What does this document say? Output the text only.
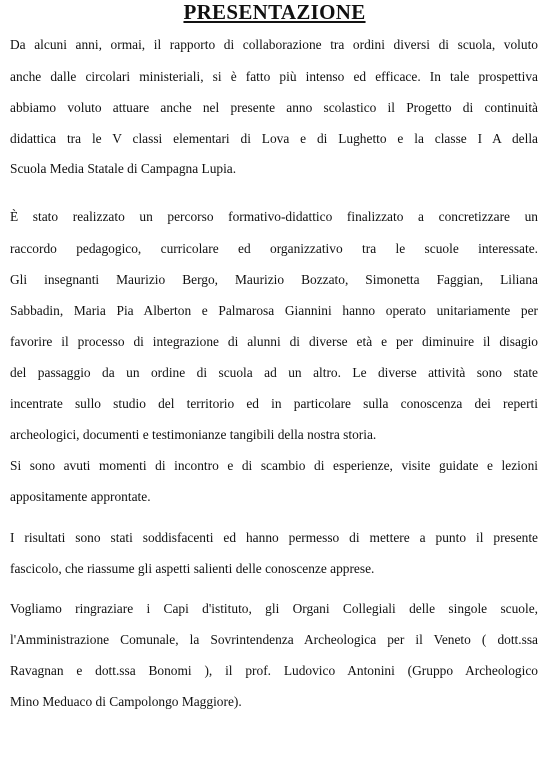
PRESENTAZIONE
Da alcuni anni, ormai, il rapporto di collaborazione tra ordini diversi di scuola, voluto
anche dalle circolari ministeriali, si è fatto più intenso ed efficace. In tale prospettiva
abbiamo voluto attuare anche nel presente anno scolastico il Progetto di continuità
didattica tra le V classi elementari di Lova e di Lughetto e la classe I A della
Scuola Media Statale di Campagna Lupia.
È stato realizzato un percorso formativo-didattico finalizzato a concretizzare un
raccordo pedagogico, curricolare ed organizzativo tra le scuole interessate.
Gli insegnanti Maurizio Bergo, Maurizio Bozzato, Simonetta Faggian, Liliana
Sabbadin, Maria Pia Alberton e Palmarosa Giannini hanno operato unitariamente per
favorire il processo di integrazione di alunni di diverse età e per diminuire il disagio
del passaggio da un ordine di scuola ad un altro. Le diverse attività sono state
incentrate sullo studio del territorio ed in particolare sulla conoscenza dei reperti
archeologici, documenti e testimonianze tangibili della nostra storia.
Si sono avuti momenti di incontro e di scambio di esperienze, visite guidate e lezioni
appositamente approntate.
I risultati sono stati soddisfacenti ed hanno permesso di mettere a punto il presente
fascicolo, che riassume gli aspetti salienti delle conoscenze apprese.
Vogliamo ringraziare i Capi d'istituto, gli Organi Collegiali delle singole scuole,
l'Amministrazione Comunale, la Sovrintendenza Archeologica per il Veneto ( dott.ssa
Ravagnan e dott.ssa Bonomi ), il prof. Ludovico Antonini (Gruppo Archeologico
Mino Meduaco di Campolongo Maggiore).
